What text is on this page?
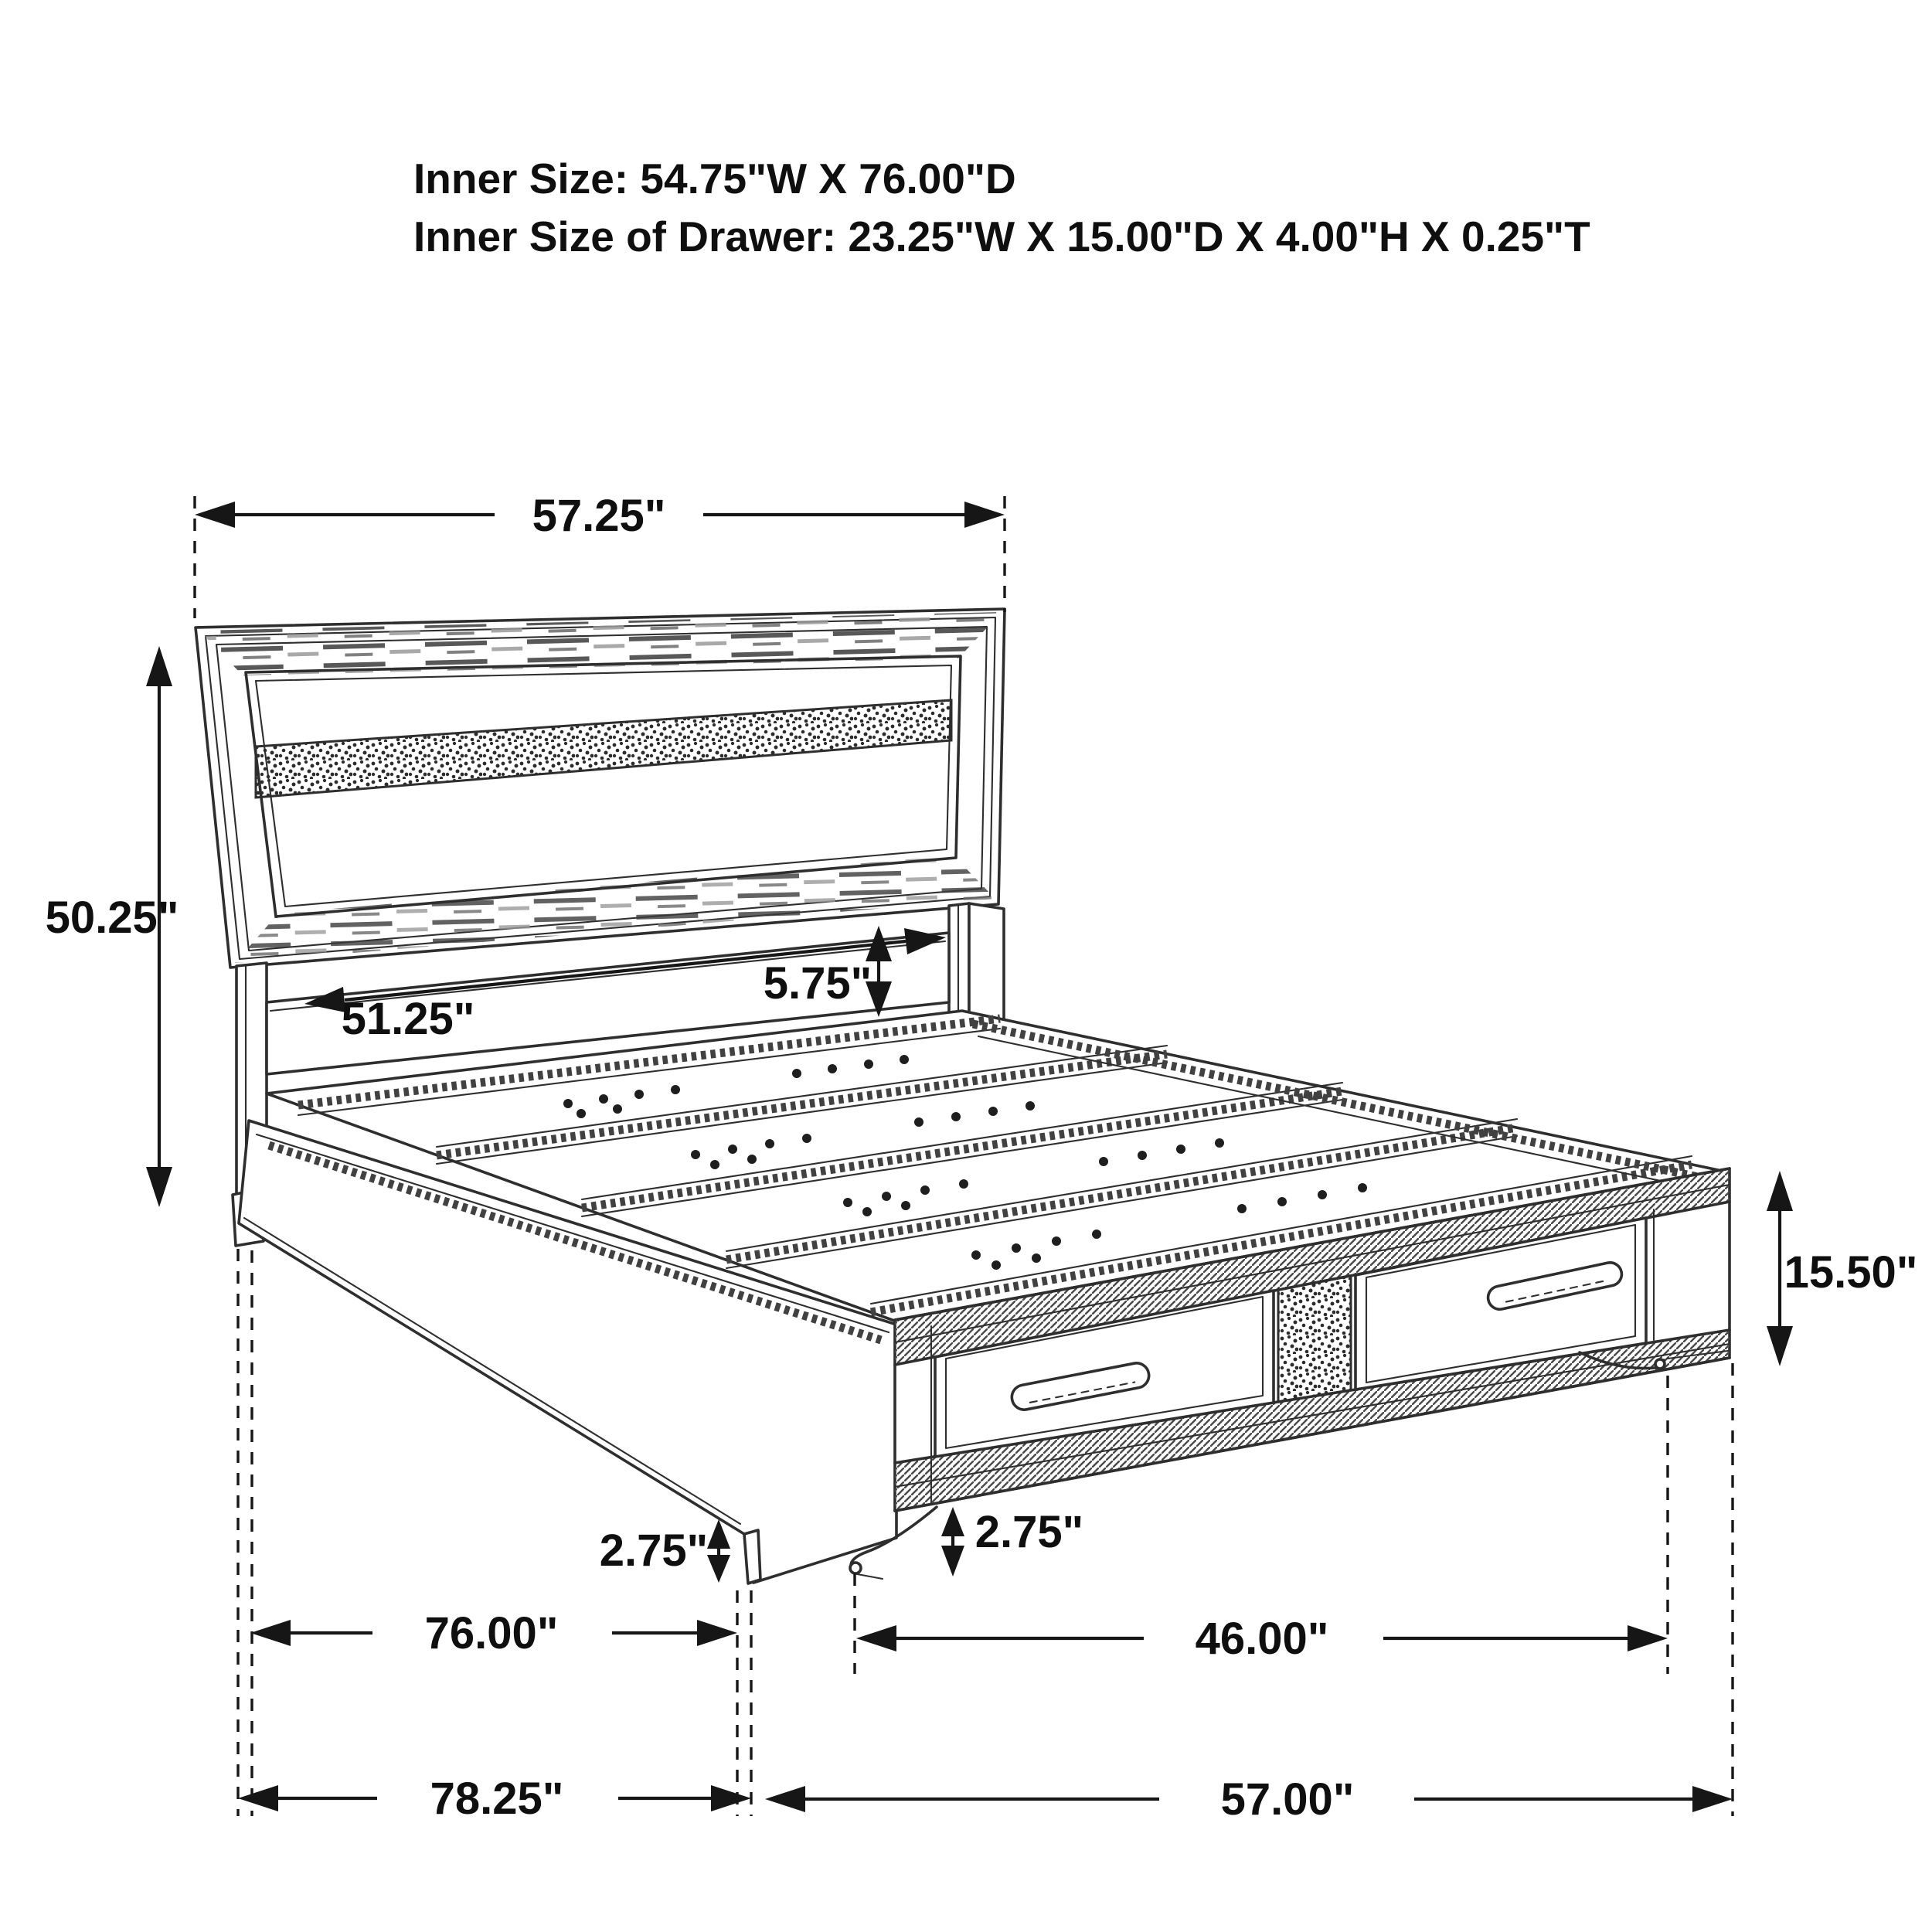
57.25"
50.25"
51.25"
5.75"
15.50"
2.75"	2.75"
76.00"	46.00"
78.25"	57.00"
Inner Size: 54.75"W X 76.00"D
Inner Size of Drawer: 23.25"W X 15.00"D X 4.00"H X 0.25"T
